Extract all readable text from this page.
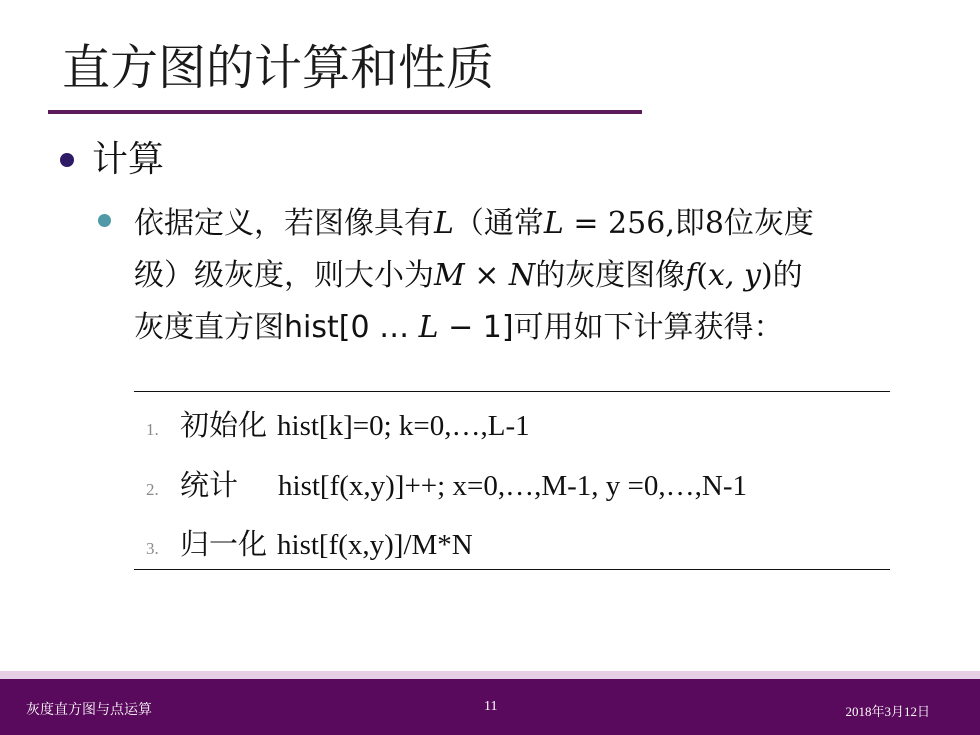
直方图的计算和性质
计算
依据定义，若图像具有L（通常L = 256,即8位灰度
级）级灰度，则大小为M × N的灰度图像f(x, y)的
灰度直方图hist[0 … L − 1]可用如下计算获得：
1. 初始化 hist[k]=0; k=0,…,L-1
2. 统计 hist[f(x,y)]++; x=0,…,M-1, y =0,…,N-1
3. 归一化 hist[f(x,y)]/M*N
灰度直方图与点运算	11	2018年3月12日
